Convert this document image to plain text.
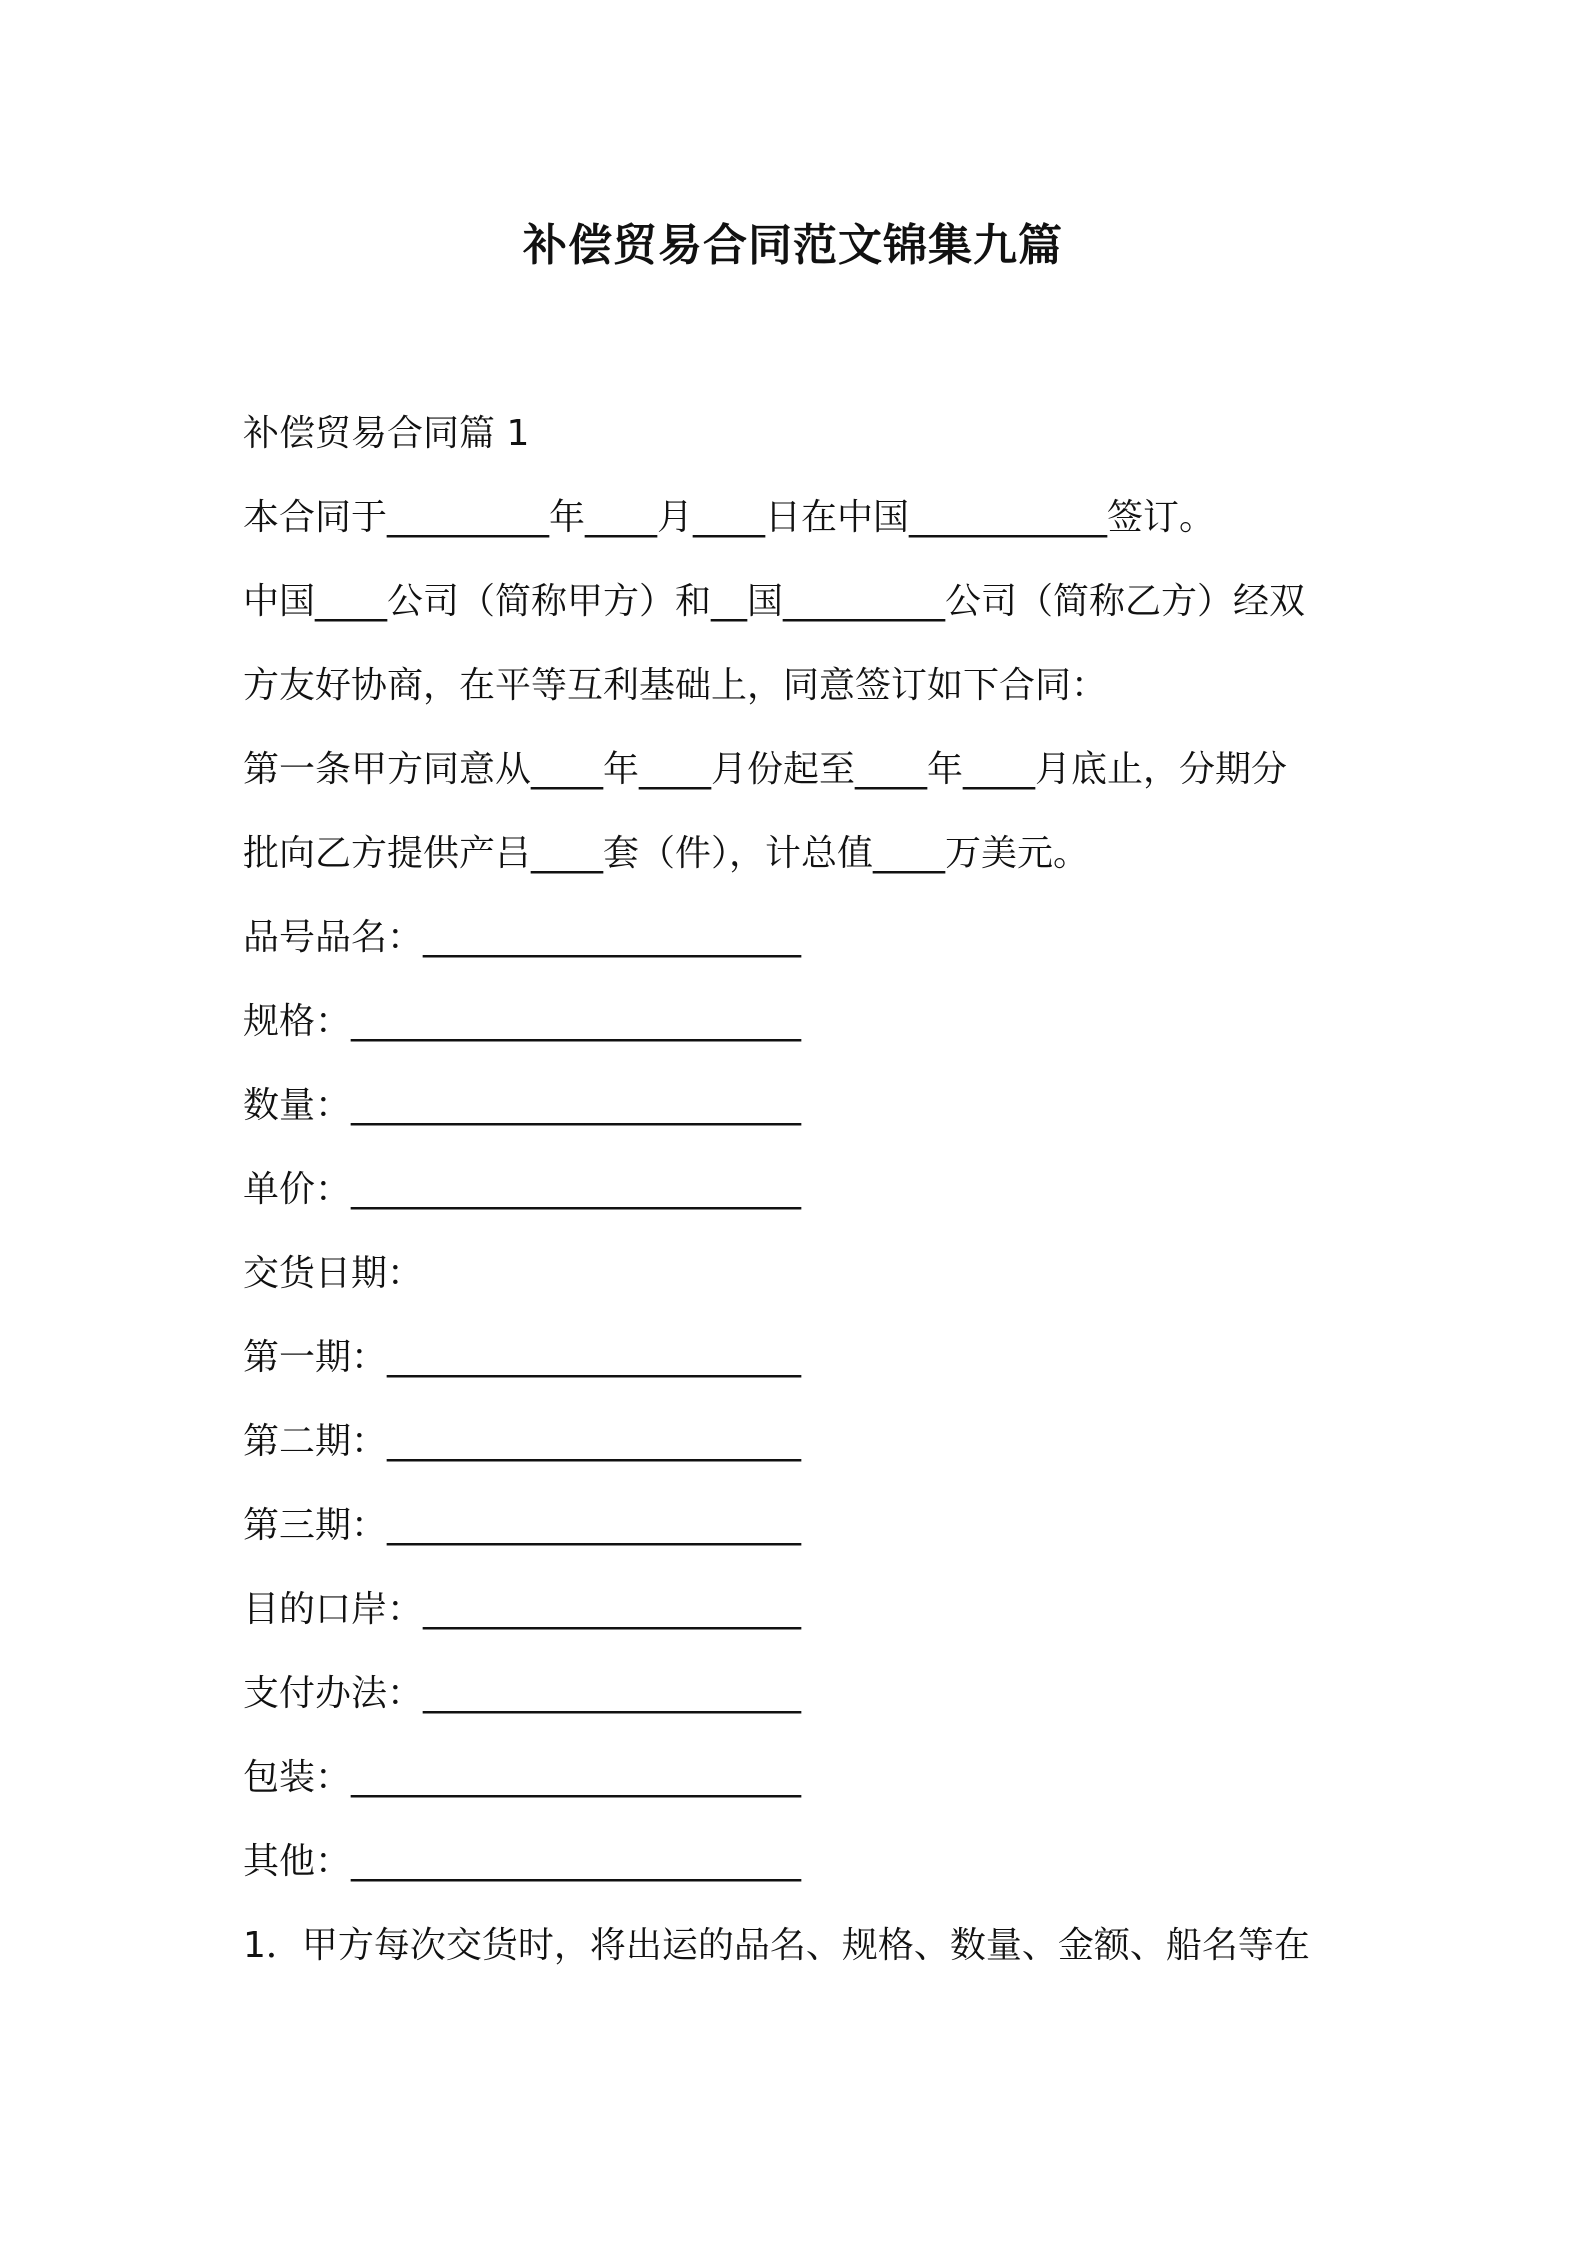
补偿贸易合同范文锦集九篇
补偿贸易合同篇 1
本合同于_________年____月____日在中国___________签订。
中国____公司（简称甲方）和__国_________公司（简称乙方）经双
方友好协商，在平等互利基础上，同意签订如下合同：
第一条甲方同意从____年____月份起至____年____月底止，分期分
批向乙方提供产吕____套（件），计总值____万美元。
品号品名：_____________________
规格：_________________________
数量：_________________________
单价：_________________________
交货日期：
第一期：_______________________
第二期：_______________________
第三期：_______________________
目的口岸：_____________________
支付办法：_____________________
包装：_________________________
其他：_________________________
1．甲方每次交货时，将出运的品名、规格、数量、金额、船名等在
